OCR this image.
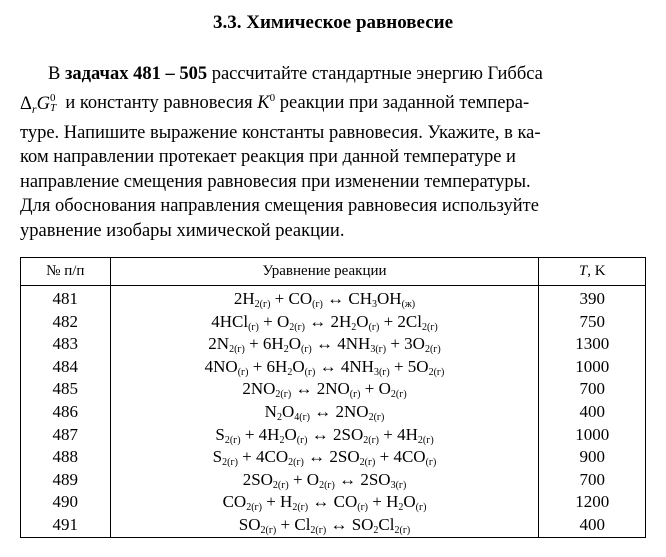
3.3. Химическое равновесие
В задачах 481 – 505 рассчитайте стандартные энергию Гиббса
$\Delta_rG$ 0
T и константу равновесия $K^0$ реакции при заданной темпера-
туре. Напишите выражение константы равновесия. Укажите, в ка-
ком направлении протекает реакция при данной температуре и
направление смещения равновесия при изменении температуры.
Для обоснования направления смещения равновесия используйте
уравнение изобары химической реакции.
№ п/п	Уравнение реакции	T, K
481	$2H_{2(г)} + CO_{(г)}$ ↔ $CH_3OH_{(ж)}$	390
482	$4HCl_{(г)} + O_{2(г)}$ ↔ $2H_2O_{(г)} + 2Cl_{2(г)}$	750
483	$2N_{2(г)} + 6H_2O_{(г)}$ ↔ $4NH_{3(г)} + 3O_{2(г)}$	1300
484	$4NO_{(г)} + 6H_2O_{(г)}$ ↔ $4NH_{3(г)} + 5O_{2(г)}$	1000
485	$2NO_{2(г)}$ ↔ $2NO_{(г)} + O_{2(г)}$	700
486	$N_2O_{4(г)}$ ↔ $2NO_{2(г)}$	400
487	$S_{2(г)} + 4H_2O_{(г)}$ ↔ $2SO_{2(г)} + 4H_{2(г)}$	1000
488	$S_{2(г)} + 4CO_{2(г)}$ ↔ $2SO_{2(г)} + 4CO_{(г)}$	900
489	$2SO_{2(г)} + O_{2(г)}$ ↔ $2SO_{3(г)}$	700
490	$CO_{2(г)} + H_{2(г)}$ ↔ $CO_{(г)} + H_2O_{(г)}$	1200
491	$SO_{2(г)} + Cl_{2(г)}$ ↔ $SO_2Cl_{2(г)}$	400
